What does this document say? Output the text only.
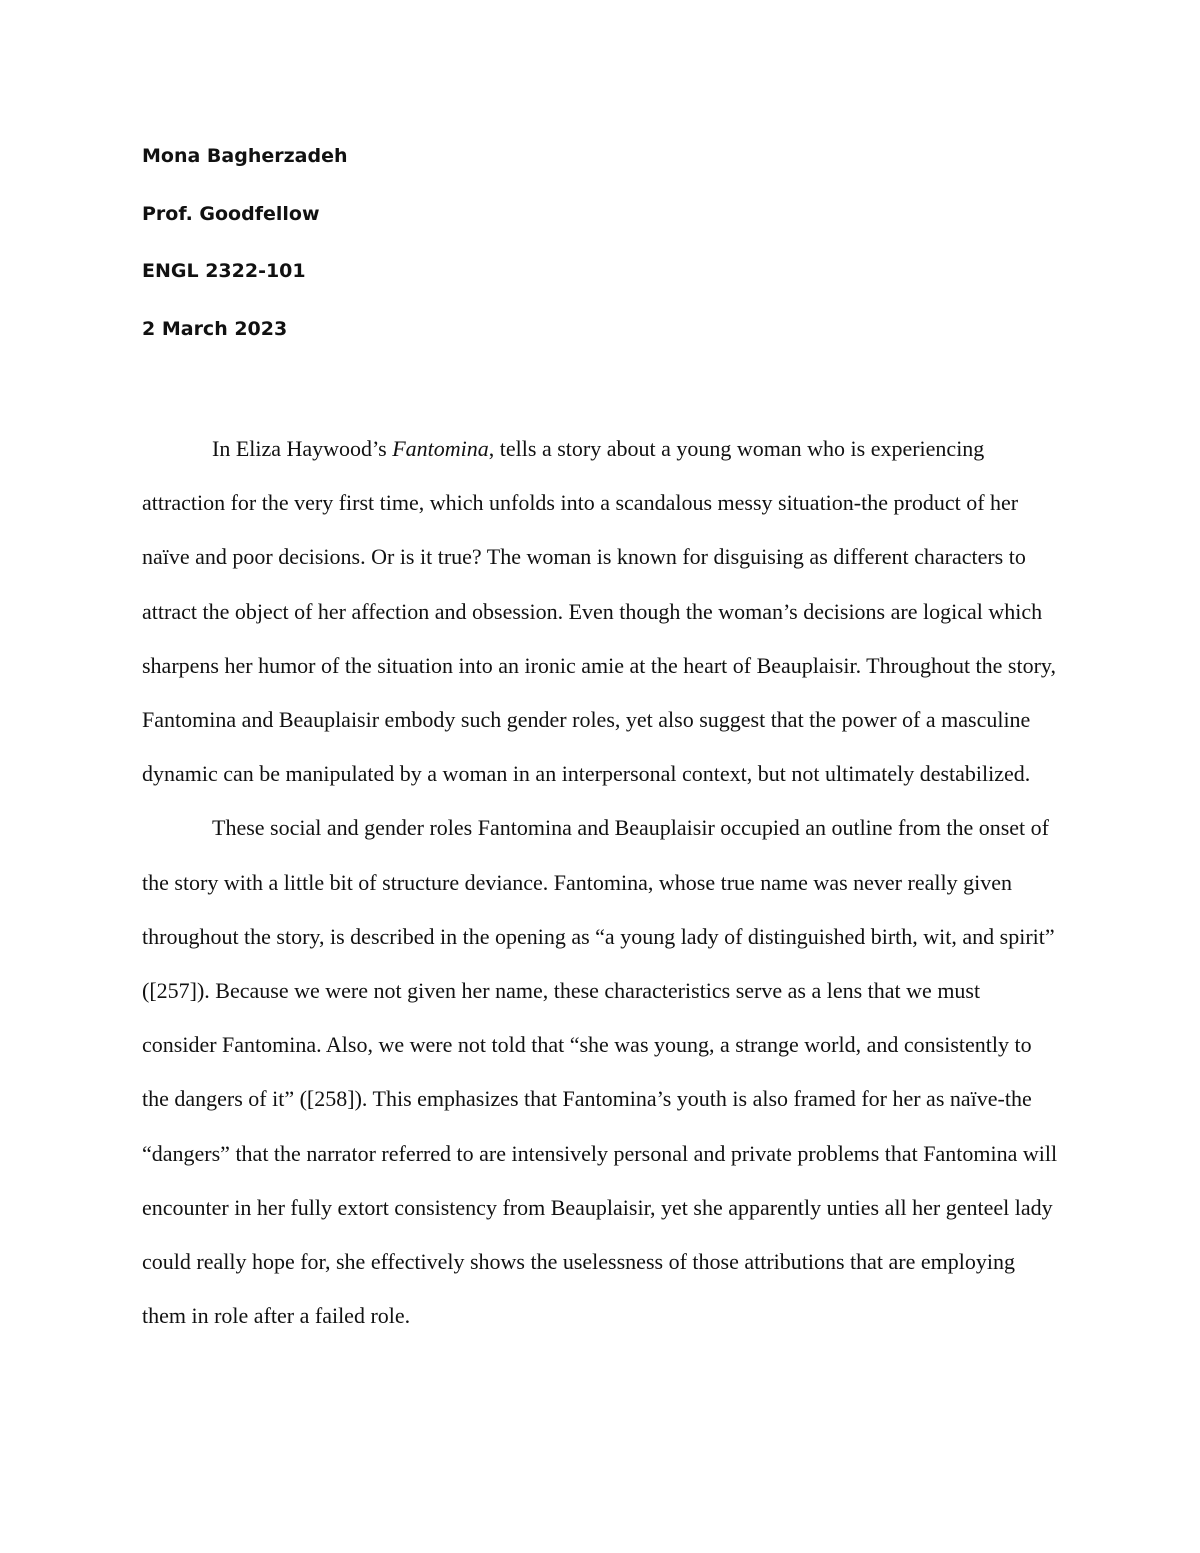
Mona Bagherzadeh
Prof. Goodfellow
ENGL 2322-101
2 March 2023

In Eliza Haywood’s Fantomina, tells a story about a young woman who is experiencing attraction for the very first time, which unfolds into a scandalous messy situation-the product of her naïve and poor decisions. Or is it true? The woman is known for disguising as different characters to attract the object of her affection and obsession. Even though the woman’s decisions are logical which sharpens her humor of the situation into an ironic amie at the heart of Beauplaisir. Throughout the story, Fantomina and Beauplaisir embody such gender roles, yet also suggest that the power of a masculine dynamic can be manipulated by a woman in an interpersonal context, but not ultimately destabilized.

These social and gender roles Fantomina and Beauplaisir occupied an outline from the onset of the story with a little bit of structure deviance. Fantomina, whose true name was never really given throughout the story, is described in the opening as “a young lady of distinguished birth, wit, and spirit” ([257]). Because we were not given her name, these characteristics serve as a lens that we must consider Fantomina. Also, we were not told that “she was young, a strange world, and consistently to the dangers of it” ([258]). This emphasizes that Fantomina’s youth is also framed for her as naïve-the “dangers” that the narrator referred to are intensively personal and private problems that Fantomina will encounter in her fully extort consistency from Beauplaisir, yet she apparently unties all her genteel lady could really hope for, she effectively shows the uselessness of those attributions that are employing them in role after a failed role.
